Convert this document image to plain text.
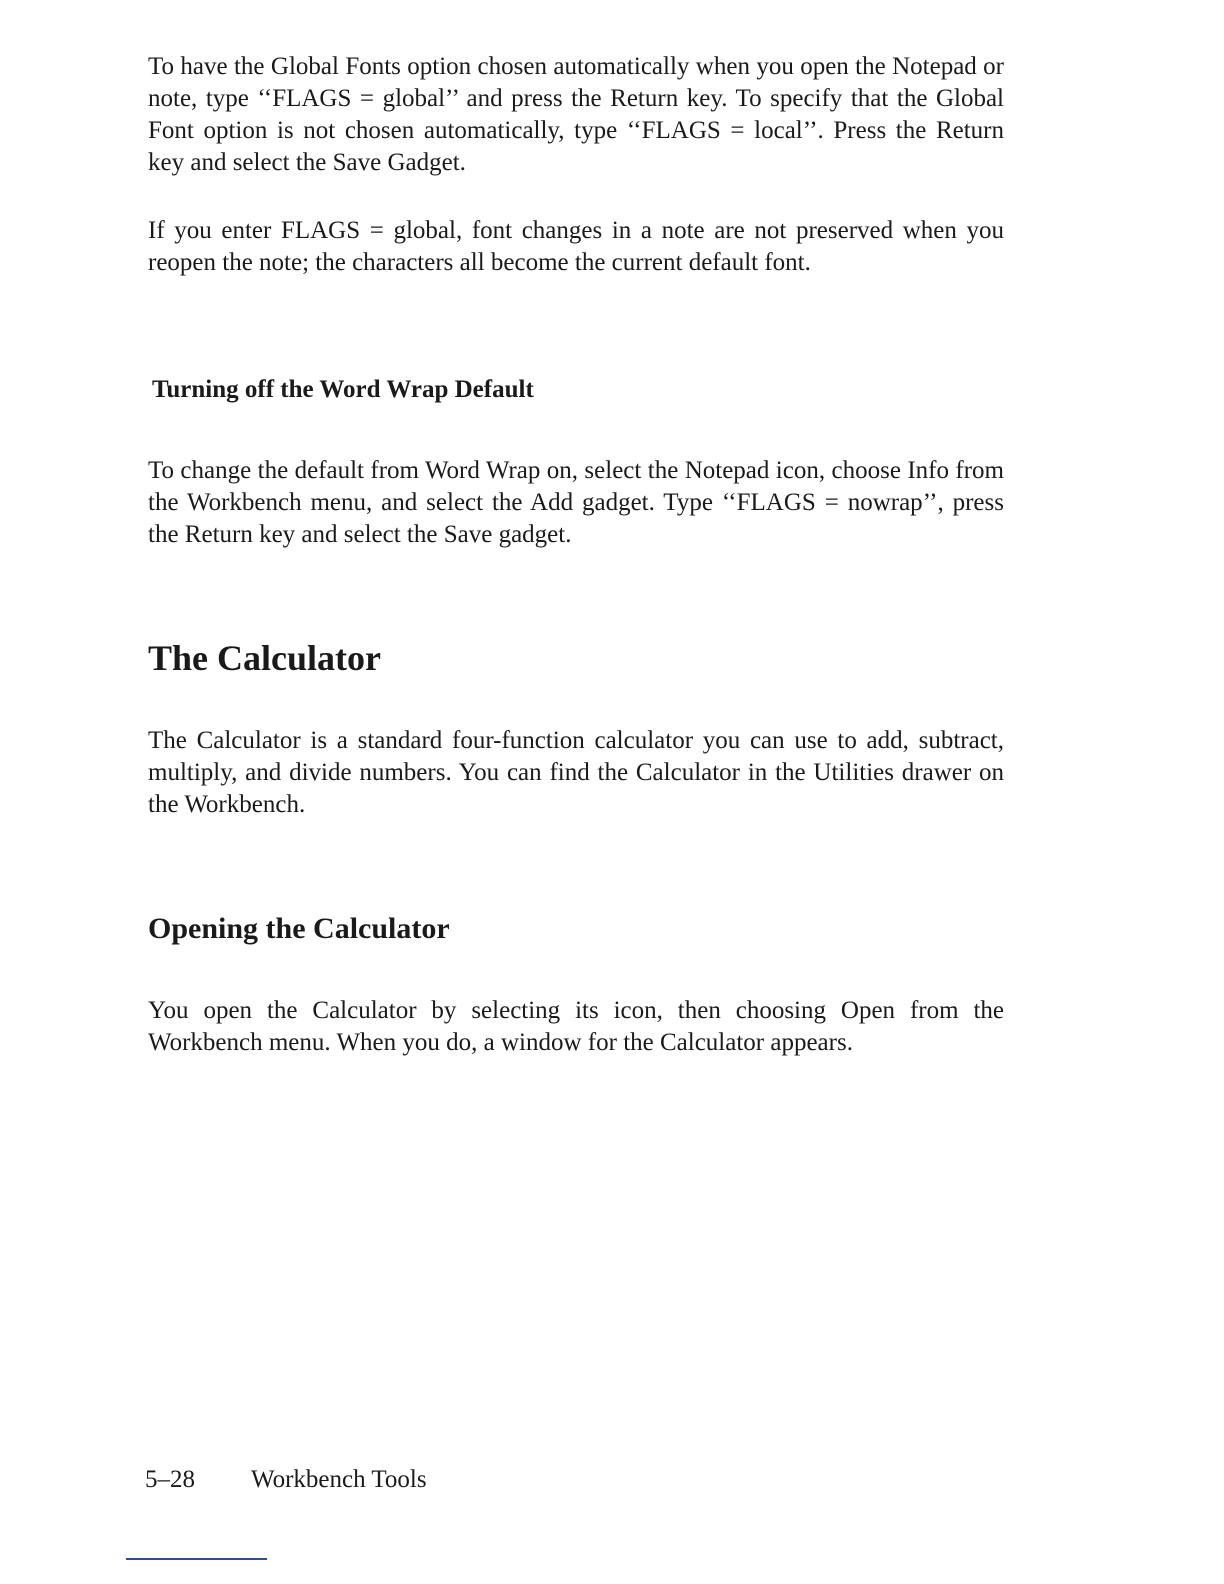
To have the Global Fonts option chosen automatically when you open the Notepad or note, type ‘‘FLAGS = global’’ and press the Return key. To specify that the Global Font option is not chosen automatically, type ‘‘FLAGS = local’’. Press the Return key and select the Save Gadget.

If you enter FLAGS = global, font changes in a note are not preserved when you reopen the note; the characters all become the current default font.

Turning off the Word Wrap Default

To change the default from Word Wrap on, select the Notepad icon, choose Info from the Workbench menu, and select the Add gadget. Type ‘‘FLAGS = nowrap’’, press the Return key and select the Save gadget.

The Calculator

The Calculator is a standard four-function calculator you can use to add, subtract, multiply, and divide numbers. You can find the Calculator in the Utilities drawer on the Workbench.

Opening the Calculator

You open the Calculator by selecting its icon, then choosing Open from the Workbench menu. When you do, a window for the Calculator appears.

5–28 Workbench Tools
